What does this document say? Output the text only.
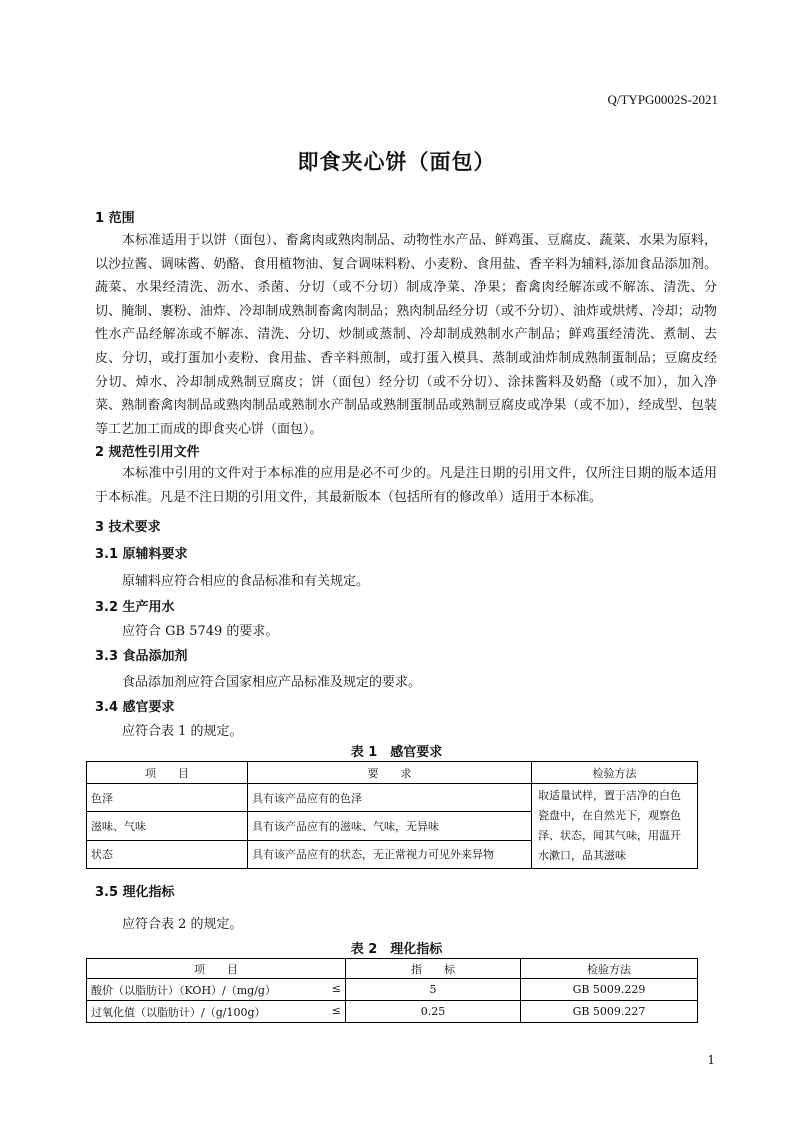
Q/TYPG0002S-2021
即食夹心饼（面包）
1 范围
本标准适用于以饼（面包）、畜禽肉或熟肉制品、动物性水产品、鲜鸡蛋、豆腐皮、蔬菜、水果为原料，以沙拉酱、调味酱、奶酪、食用植物油、复合调味料粉、小麦粉、食用盐、香辛料为辅料,添加食品添加剂。蔬菜、水果经清洗、沥水、杀菌、分切（或不分切）制成净菜、净果；畜禽肉经解冻或不解冻、清洗、分切、腌制、裹粉、油炸、冷却制成熟制畜禽肉制品；熟肉制品经分切（或不分切）、油炸或烘烤、冷却；动物性水产品经解冻或不解冻、清洗、分切、炒制或蒸制、冷却制成熟制水产制品；鲜鸡蛋经清洗、煮制、去皮、分切，或打蛋加小麦粉、食用盐、香辛料煎制，或打蛋入模具、蒸制或油炸制成熟制蛋制品；豆腐皮经分切、焯水、冷却制成熟制豆腐皮；饼（面包）经分切（或不分切）、涂抹酱料及奶酪（或不加），加入净菜、熟制畜禽肉制品或熟肉制品或熟制水产制品或熟制蛋制品或熟制豆腐皮或净果（或不加），经成型、包装等工艺加工而成的即食夹心饼（面包）。
2 规范性引用文件
本标准中引用的文件对于本标准的应用是必不可少的。凡是注日期的引用文件，仅所注日期的版本适用于本标准。凡是不注日期的引用文件，其最新版本（包括所有的修改单）适用于本标准。
3 技术要求
3.1 原辅料要求
原辅料应符合相应的食品标准和有关规定。
3.2 生产用水
应符合 GB 5749 的要求。
3.3 食品添加剂
食品添加剂应符合国家相应产品标准及规定的要求。
3.4 感官要求
应符合表 1 的规定。
表 1　感官要求
项　　目	要　　求	检验方法
色泽	具有该产品应有的色泽	取适量试样，置于洁净的白色瓷盘中，在自然光下，观察色泽、状态，闻其气味，用温开水漱口，品其滋味
滋味、气味	具有该产品应有的滋味、气味，无异味	
状态	具有该产品应有的状态，无正常视力可见外来异物	
3.5 理化指标
应符合表 2 的规定。
表 2　理化指标
项　　目	指　　标	检验方法
酸价（以脂肪计）（KOH）/（mg/g） ≤	5	GB 5009.229
过氧化值（以脂肪计）/（g/100g） ≤	0.25	GB 5009.227
1
